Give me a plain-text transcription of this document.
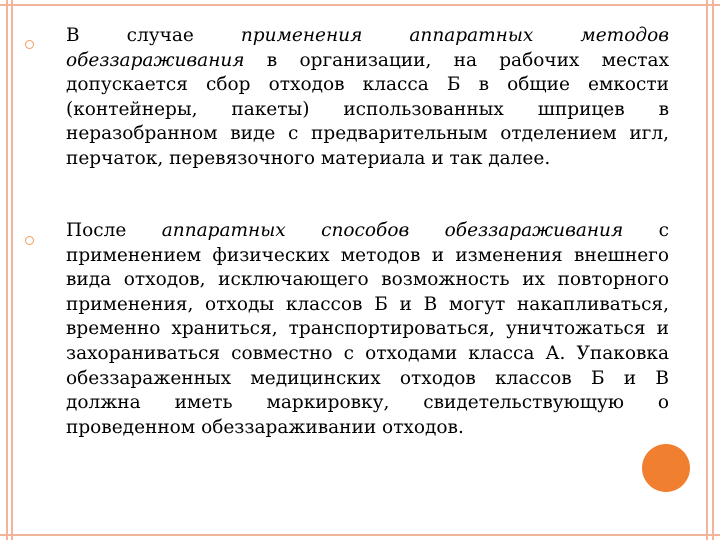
В случае применения аппаратных методов обеззараживания в организации, на рабочих местах допускается сбор отходов класса Б в общие емкости (контейнеры, пакеты) использованных шприцев в неразобранном виде с предварительным отделением игл, перчаток, перевязочного материала и так далее.

После аппаратных способов обеззараживания с применением физических методов и изменения внешнего вида отходов, исключающего возможность их повторного применения, отходы классов Б и В могут накапливаться, временно храниться, транспортироваться, уничтожаться и захораниваться совместно с отходами класса А. Упаковка обеззараженных медицинских отходов классов Б и В должна иметь маркировку, свидетельствующую о проведенном обеззараживании отходов.
